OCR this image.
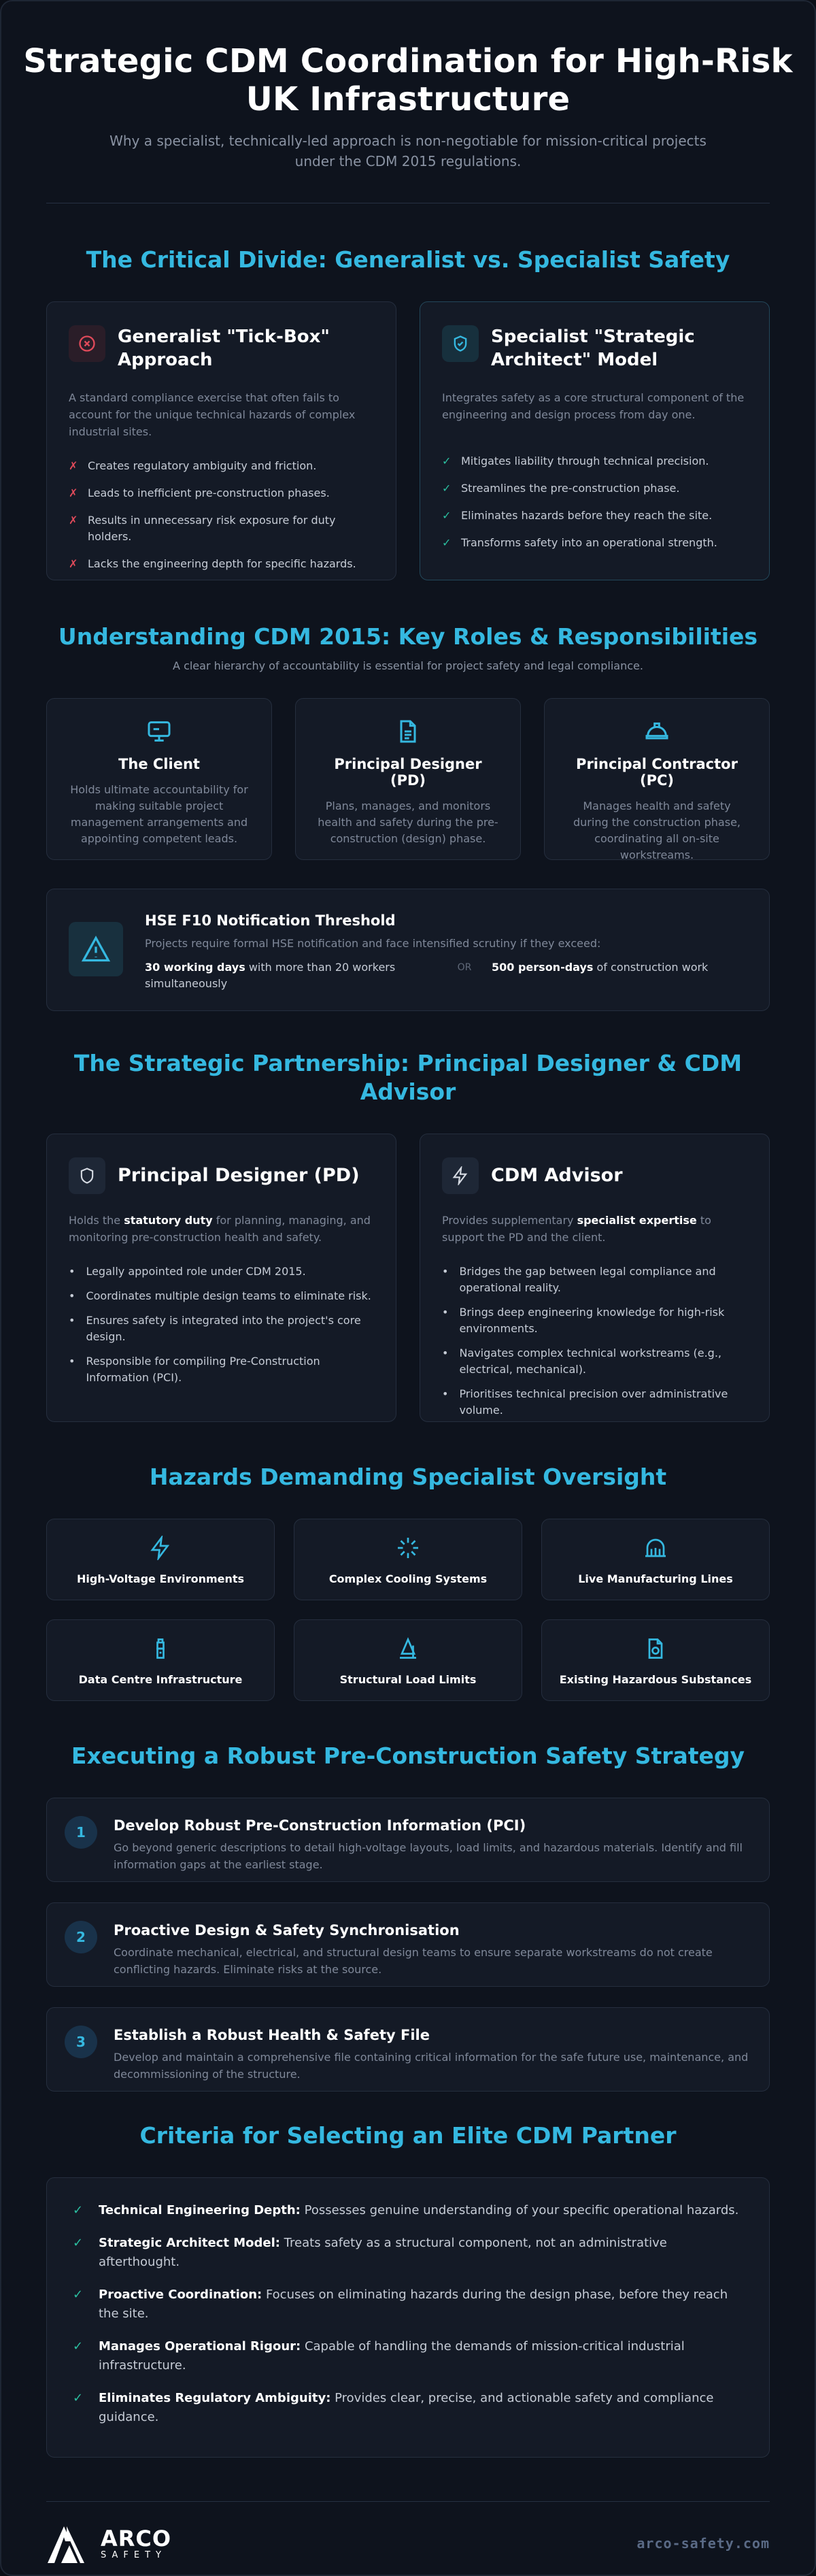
Strategic CDM Coordination for High-Risk UK Infrastructure

Why a specialist, technically-led approach is non-negotiable for mission-critical projects under the CDM 2015 regulations.

The Critical Divide: Generalist vs. Specialist Safety
Generalist "Tick-Box" Approach

A standard compliance exercise that often fails to account for the unique technical hazards of complex industrial sites.

✗ Creates regulatory ambiguity and friction.
✗ Leads to inefficient pre-construction phases.
✗ Results in unnecessary risk exposure for duty holders.
✗ Lacks the engineering depth for specific hazards.
Specialist "Strategic Architect" Model

Integrates safety as a core structural component of the engineering and design process from day one.

✓ Mitigates liability through technical precision.
✓ Streamlines the pre-construction phase.
✓ Eliminates hazards before they reach the site.
✓ Transforms safety into an operational strength.
Understanding CDM 2015: Key Roles & Responsibilities

A clear hierarchy of accountability is essential for project safety and legal compliance.

The Client

Holds ultimate accountability for making suitable project management arrangements and appointing competent leads.

Principal Designer (PD)

Plans, manages, and monitors health and safety during the pre-construction (design) phase.

Principal Contractor (PC)

Manages health and safety during the construction phase, coordinating all on-site workstreams.

HSE F10 Notification Threshold

Projects require formal HSE notification and face intensified scrutiny if they exceed:

30 working days with more than 20 workers simultaneously
OR	500 person-days of construction work
The Strategic Partnership: Principal Designer & CDM Advisor
Principal Designer (PD)

Holds the statutory duty for planning, managing, and monitoring pre-construction health and safety.

• Legally appointed role under CDM 2015.
• Coordinates multiple design teams to eliminate risk.
• Ensures safety is integrated into the project's core design.
• Responsible for compiling Pre-Construction Information (PCI).
CDM Advisor

Provides supplementary specialist expertise to support the PD and the client.

• Bridges the gap between legal compliance and operational reality.
• Brings deep engineering knowledge for high-risk environments.
• Navigates complex technical workstreams (e.g., electrical, mechanical).
• Prioritises technical precision over administrative volume.
Hazards Demanding Specialist Oversight
High-Voltage Environments	Complex Cooling Systems	Live Manufacturing Lines
Data Centre Infrastructure	Structural Load Limits	Existing Hazardous Substances
Executing a Robust Pre-Construction Safety Strategy
1	Develop Robust Pre-Construction Information (PCI)

Go beyond generic descriptions to detail high-voltage layouts, load limits, and hazardous materials. Identify and fill information gaps at the earliest stage.

2	Proactive Design & Safety Synchronisation

Coordinate mechanical, electrical, and structural design teams to ensure separate workstreams do not create conflicting hazards. Eliminate risks at the source.

3	Establish a Robust Health & Safety File

Develop and maintain a comprehensive file containing critical information for the safe future use, maintenance, and decommissioning of the structure.

Criteria for Selecting an Elite CDM Partner
✓ Technical Engineering Depth: Possesses genuine understanding of your specific operational hazards.
✓ Strategic Architect Model: Treats safety as a structural component, not an administrative afterthought.
✓ Proactive Coordination: Focuses on eliminating hazards during the design phase, before they reach the site.
✓ Manages Operational Rigour: Capable of handling the demands of mission-critical industrial infrastructure.
✓ Eliminates Regulatory Ambiguity: Provides clear, precise, and actionable safety and compliance guidance.
ARCO
SAFETY
arco-safety.com
